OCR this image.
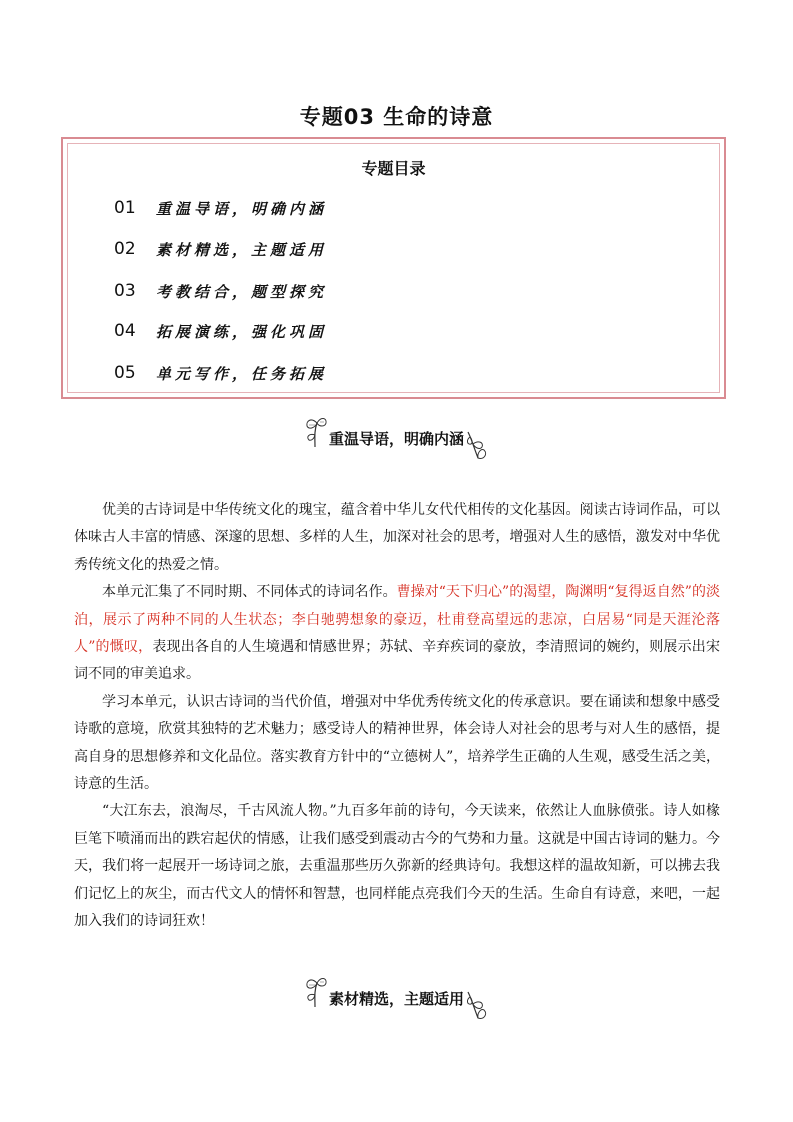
专题03 生命的诗意
专题目录
01	重温导语，明确内涵
02	素材精选，主题适用
03	考教结合，题型探究
04	拓展演练，强化巩固
05	单元写作，任务拓展
重温导语，明确内涵

优美的古诗词是中华传统文化的瑰宝，蕴含着中华儿女代代相传的文化基因。阅读古诗词作品，可以体味古人丰富的情感、深邃的思想、多样的人生，加深对社会的思考，增强对人生的感悟，激发对中华优秀传统文化的热爱之情。

本单元汇集了不同时期、不同体式的诗词名作。曹操对“天下归心”的渴望，陶渊明“复得返自然”的淡泊，展示了两种不同的人生状态；李白驰骋想象的豪迈，杜甫登高望远的悲凉，白居易“同是天涯沦落人”的慨叹，表现出各自的人生境遇和情感世界；苏轼、辛弃疾词的豪放，李清照词的婉约，则展示出宋词不同的审美追求。

学习本单元，认识古诗词的当代价值，增强对中华优秀传统文化的传承意识。要在诵读和想象中感受诗歌的意境，欣赏其独特的艺术魅力；感受诗人的精神世界，体会诗人对社会的思考与对人生的感悟，提高自身的思想修养和文化品位。落实教育方针中的“立德树人”，培养学生正确的人生观，感受生活之美，诗意的生活。

“大江东去，浪淘尽，千古风流人物。”九百多年前的诗句，今天读来，依然让人血脉偾张。诗人如椽巨笔下喷涌而出的跌宕起伏的情感，让我们感受到震动古今的气势和力量。这就是中国古诗词的魅力。今天，我们将一起展开一场诗词之旅，去重温那些历久弥新的经典诗句。我想这样的温故知新，可以拂去我们记忆上的灰尘，而古代文人的情怀和智慧，也同样能点亮我们今天的生活。生命自有诗意，来吧，一起加入我们的诗词狂欢！

素材精选，主题适用
